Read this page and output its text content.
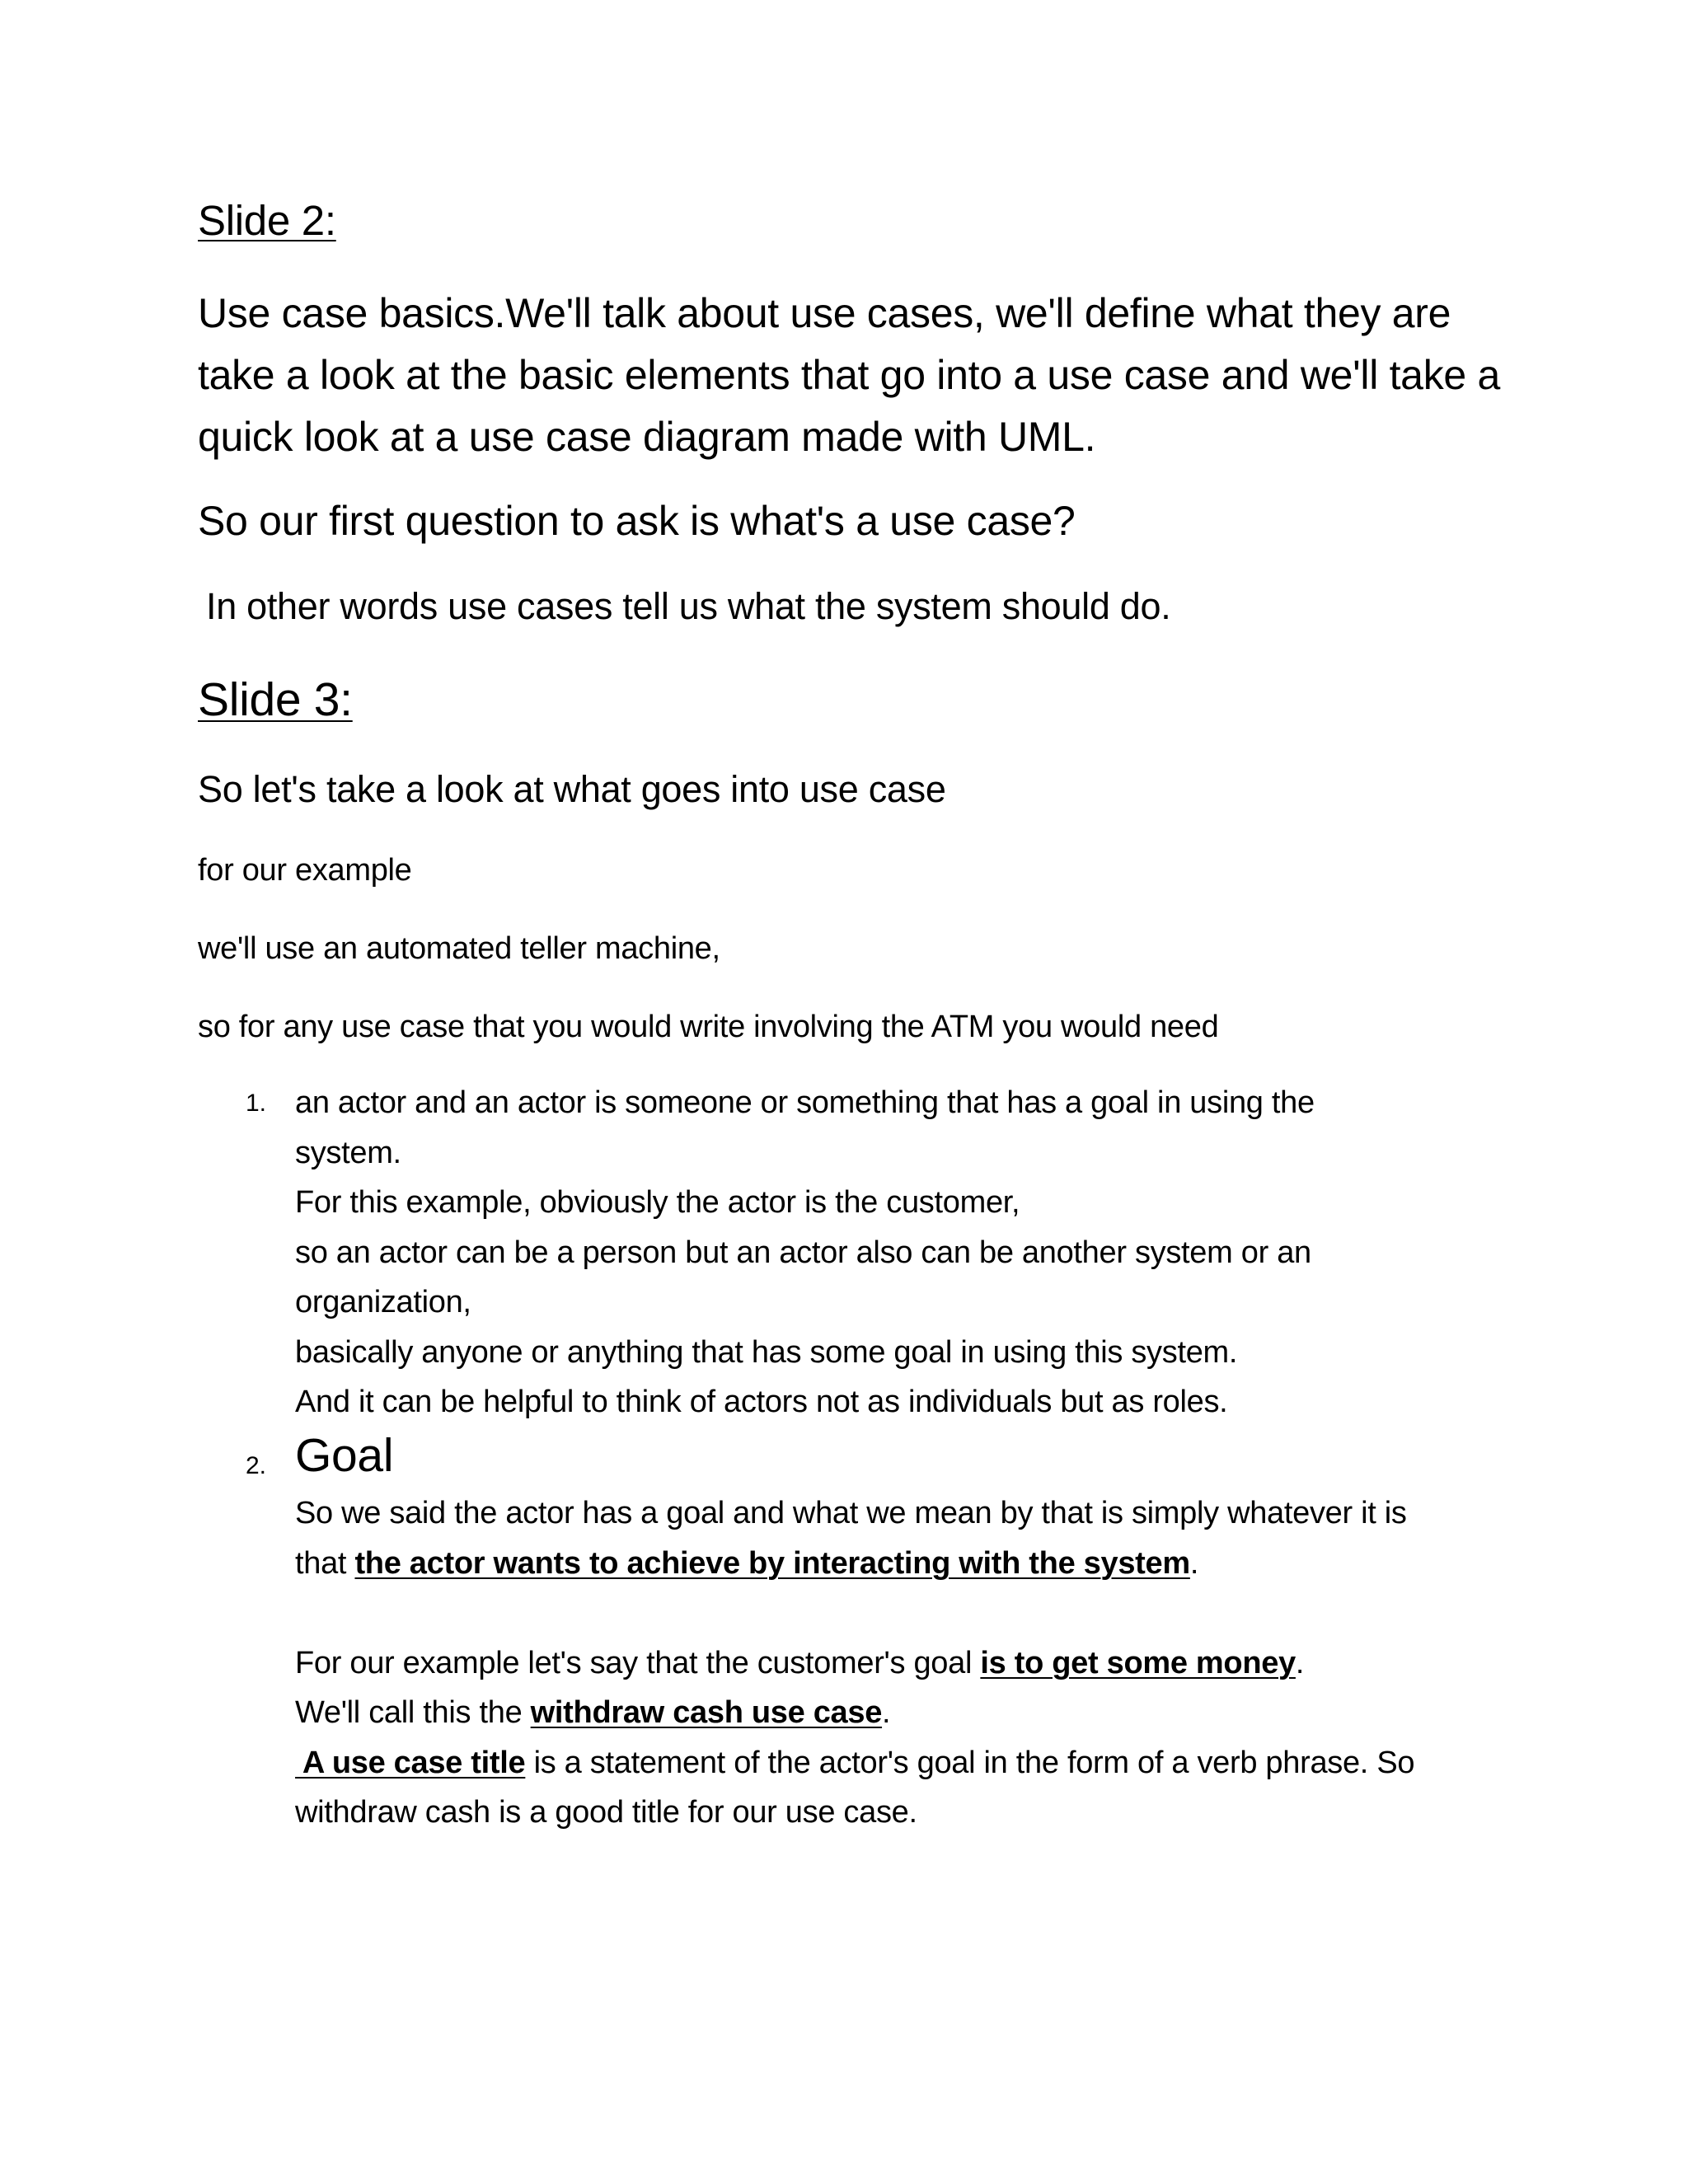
Slide 2:

Use case basics.We'll talk about use cases, we'll define what they are
take a look at the basic elements that go into a use case and we'll take a
quick look at a use case diagram made with UML.

So our first question to ask is what's a use case?

In other words use cases tell us what the system should do.

Slide 3:

So let's take a look at what goes into use case

for our example

we'll use an automated teller machine,

so for any use case that you would write involving the ATM you would need

1. an actor and an actor is someone or something that has a goal in using the
system.
For this example, obviously the actor is the customer,
so an actor can be a person but an actor also can be another system or an
organization,
basically anyone or anything that has some goal in using this system.
And it can be helpful to think of actors not as individuals but as roles.
2. Goal
So we said the actor has a goal and what we mean by that is simply whatever it is
that the actor wants to achieve by interacting with the system.
For our example let's say that the customer's goal is to get some money.
We'll call this the withdraw cash use case.
A use case title is a statement of the actor's goal in the form of a verb phrase. So
withdraw cash is a good title for our use case.
